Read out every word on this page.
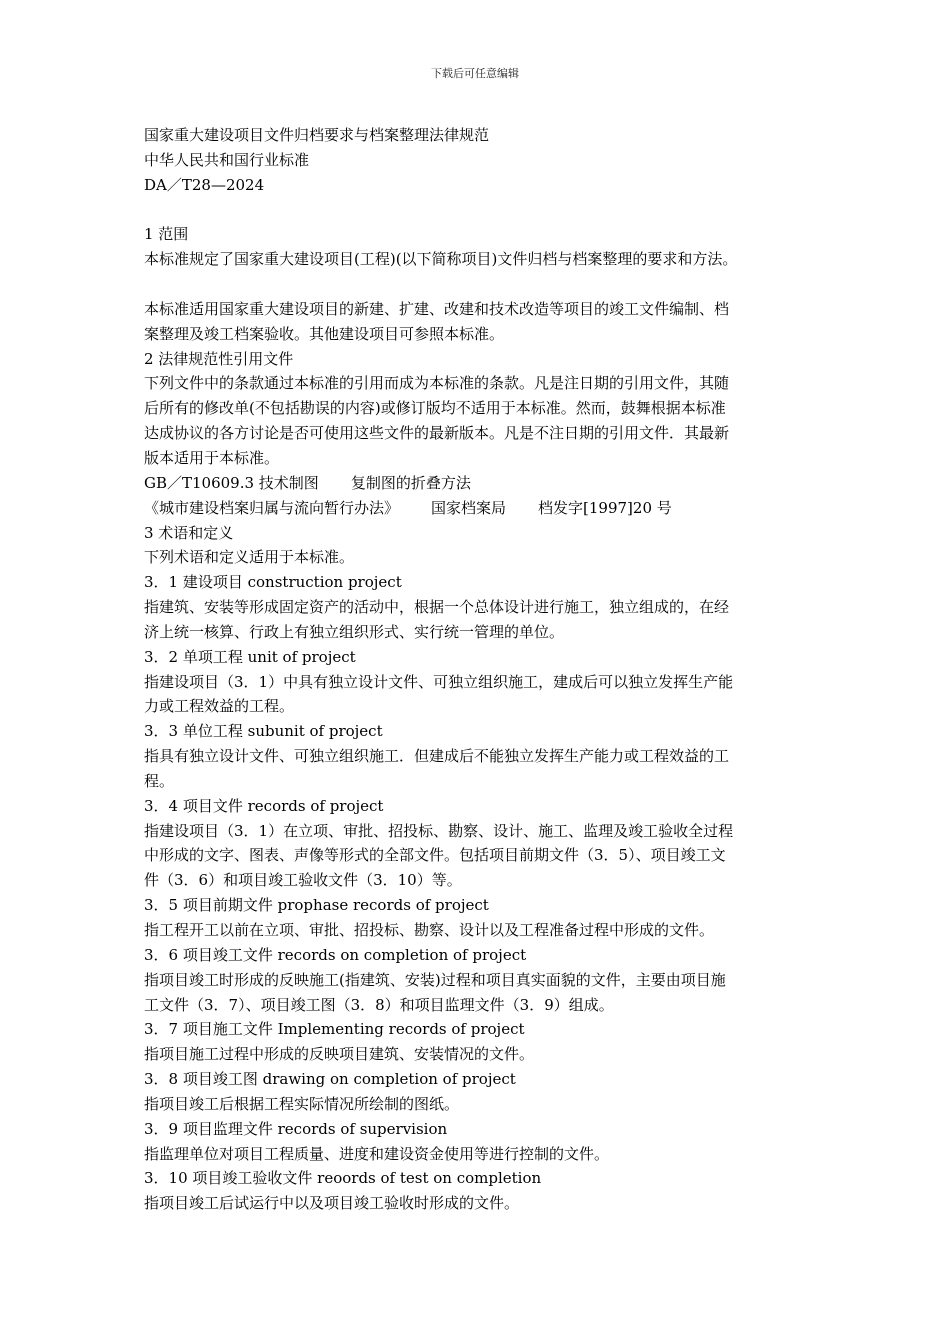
下载后可任意编辑
国家重大建设项目文件归档要求与档案整理法律规范
中华人民共和国行业标准
DA／T28—2024
1 范围
本标准规定了国家重大建设项目(工程)(以下简称项目)文件归档与档案整理的要求和方法。
本标准适用国家重大建设项目的新建、扩建、改建和技术改造等项目的竣工文件编制、档
案整理及竣工档案验收。其他建设项目可参照本标准。
2 法律规范性引用文件
下列文件中的条款通过本标准的引用而成为本标准的条款。凡是注日期的引用文件，其随
后所有的修改单(不包括勘误的内容)或修订版均不适用于本标准。然而，鼓舞根据本标准
达成协议的各方讨论是否可使用这些文件的最新版本。凡是不注日期的引用文件．其最新
版本适用于本标准。
GB／T10609.3 技术制图 复制图的折叠方法
《城市建设档案归属与流向暂行办法》 国家档案局 档发字[1997]20 号
3 术语和定义
下列术语和定义适用于本标准。
3．1 建设项目 construction project
指建筑、安装等形成固定资产的活动中，根据一个总体设计进行施工，独立组成的，在经
济上统一核算、行政上有独立组织形式、实行统一管理的单位。
3．2 单项工程 unit of project
指建设项目（3．1）中具有独立设计文件、可独立组织施工，建成后可以独立发挥生产能
力或工程效益的工程。
3．3 单位工程 subunit of project
指具有独立设计文件、可独立组织施工．但建成后不能独立发挥生产能力或工程效益的工
程。
3．4 项目文件 records of project
指建设项目（3．1）在立项、审批、招投标、勘察、设计、施工、监理及竣工验收全过程
中形成的文字、图表、声像等形式的全部文件。包括项目前期文件（3．5）、项目竣工文
件（3．6）和项目竣工验收文件（3．10）等。
3．5 项目前期文件 prophase records of project
指工程开工以前在立项、审批、招投标、勘察、设计以及工程准备过程中形成的文件。
3．6 项目竣工文件 records on completion of project
指项目竣工时形成的反映施工(指建筑、安装)过程和项目真实面貌的文件，主要由项目施
工文件（3．7）、项目竣工图（3．8）和项目监理文件（3．9）组成。
3．7 项目施工文件 Implementing records of project
指项目施工过程中形成的反映项目建筑、安装情况的文件。
3．8 项目竣工图 drawing on completion of project
指项目竣工后根据工程实际情况所绘制的图纸。
3．9 项目监理文件 records of supervision
指监理单位对项目工程质量、进度和建设资金使用等进行控制的文件。
3．10 项目竣工验收文件 reoords of test on completion
指项目竣工后试运行中以及项目竣工验收时形成的文件。
